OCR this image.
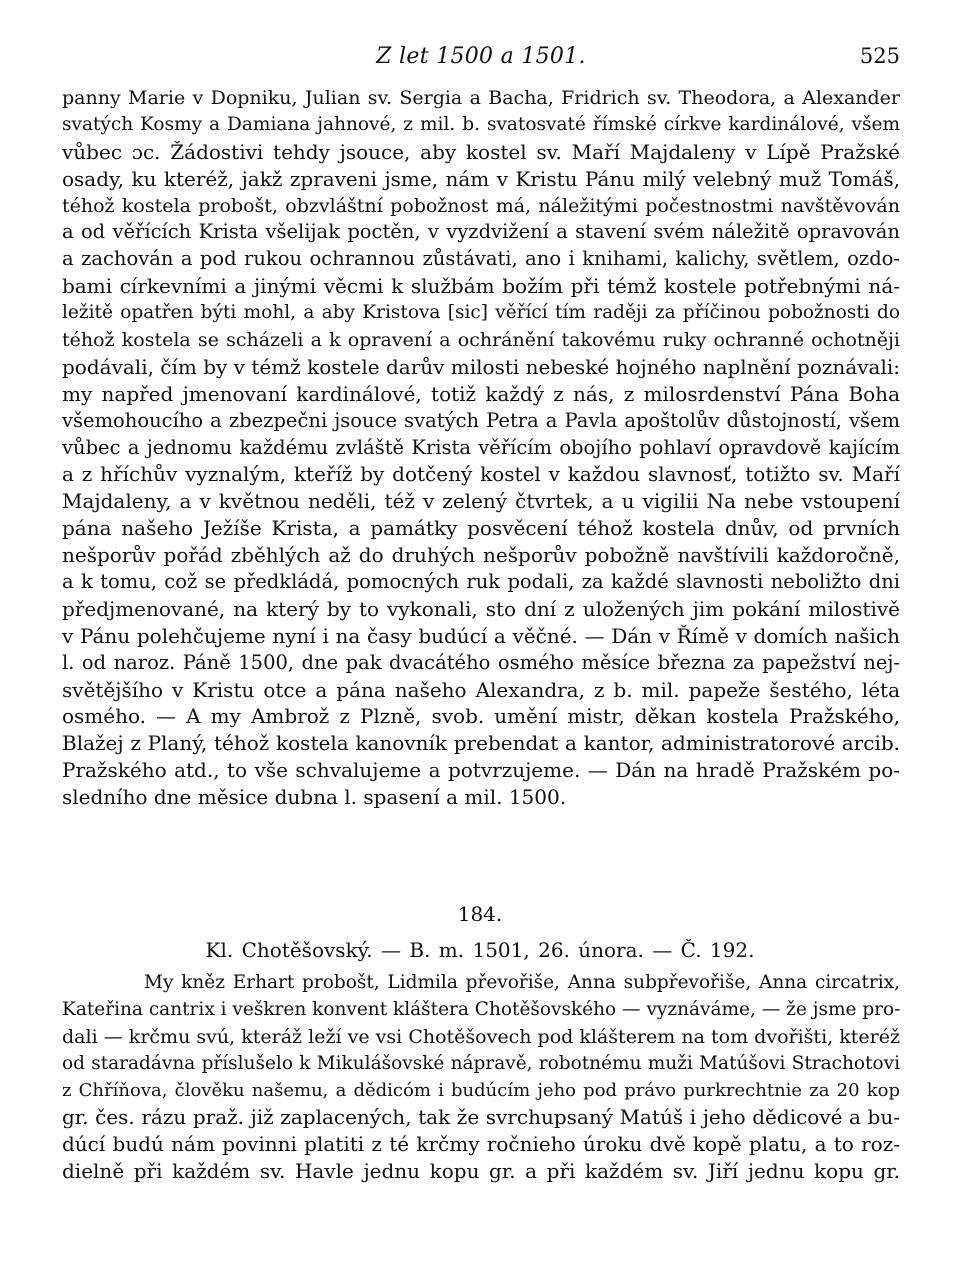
Z let 1500 a 1501.	525
panny Marie v Dopniku, Julian sv. Sergia a Bacha, Fridrich sv. Theodora, a Alexander
svatých Kosmy a Damiana jahnové, z mil. b. svatosvaté římské církve kardinálové, všem
vůbec ɔc. Žádostivi tehdy jsouce, aby kostel sv. Maří Majdaleny v Lípě Pražské
osady, ku kteréž, jakž zpraveni jsme, nám v Kristu Pánu milý velebný muž Tomáš,
téhož kostela probošt, obzvláštní pobožnost má, náležitými počestnostmi navštěvován
a od věřících Krista všelijak poctěn, v vyzdvižení a stavení svém náležitě opravován
a zachován a pod rukou ochrannou zůstávati, ano i knihami, kalichy, světlem, ozdo-
bami církevními a jinými věcmi k službám božím při témž kostele potřebnými ná-
ležitě opatřen býti mohl, a aby Kristova [sic] věřící tím raději za příčinou pobožnosti do
téhož kostela se scházeli a k opravení a ochránění takovému ruky ochranné ochotněji
podávali, čím by v témž kostele darův milosti nebeské hojného naplnění poznávali:
my napřed jmenovaní kardinálové, totiž každý z nás, z milosrdenství Pána Boha
všemohoucího a zbezpečni jsouce svatých Petra a Pavla apoštolův důstojností, všem
vůbec a jednomu každému zvláště Krista věřícím obojího pohlaví opravdově kajícím
a z hříchův vyznalým, kteříž by dotčený kostel v každou slavnosť, totižto sv. Maří
Majdaleny, a v květnou neděli, též v zelený čtvrtek, a u vigilii Na nebe vstoupení
pána našeho Ježíše Krista, a památky posvěcení téhož kostela dnův, od prvních
nešporův pořád zběhlých až do druhých nešporův pobožně navštívili každoročně,
a k tomu, což se předkládá, pomocných ruk podali, za každé slavnosti neboližto dni
předjmenované, na který by to vykonali, sto dní z uložených jim pokání milostivě
v Pánu polehčujeme nyní i na časy budúcí a věčné. — Dán v Římě v domích našich
l. od naroz. Páně 1500, dne pak dvacátého osmého měsíce března za papežství nej-
světějšího v Kristu otce a pána našeho Alexandra, z b. mil. papeže šestého, léta
osmého. — A my Ambrož z Plzně, svob. umění mistr, děkan kostela Pražského,
Blažej z Planý, téhož kostela kanovník prebendat a kantor, administratorové arcib.
Pražského atd., to vše schvalujeme a potvrzujeme. — Dán na hradě Pražském po-
sledního dne měsice dubna l. spasení a mil. 1500.
184.
Kl. Chotěšovský. — B. m. 1501, 26. února. — Č. 192.
My kněz Erhart probošt, Lidmila převořiše, Anna subpřevořiše, Anna circatrix,
Kateřina cantrix i veškren konvent kláštera Chotěšovského — vyznáváme, — že jsme pro-
dali — krčmu svú, kteráž leží ve vsi Chotěšovech pod klášterem na tom dvořišti, kteréž
od staradávna příslušelo k Mikulášovské nápravě, robotnému muži Matúšovi Strachotovi
z Chříňova, člověku našemu, a dědicóm i budúcím jeho pod právo purkrechtnie za 20 kop
gr. čes. rázu praž. již zaplacených, tak že svrchupsaný Matúš i jeho dědicové a bu-
dúcí budú nám povinni platiti z té krčmy ročnieho úroku dvě kopě platu, a to roz-
dielně při každém sv. Havle jednu kopu gr. a při každém sv. Jiří jednu kopu gr.
